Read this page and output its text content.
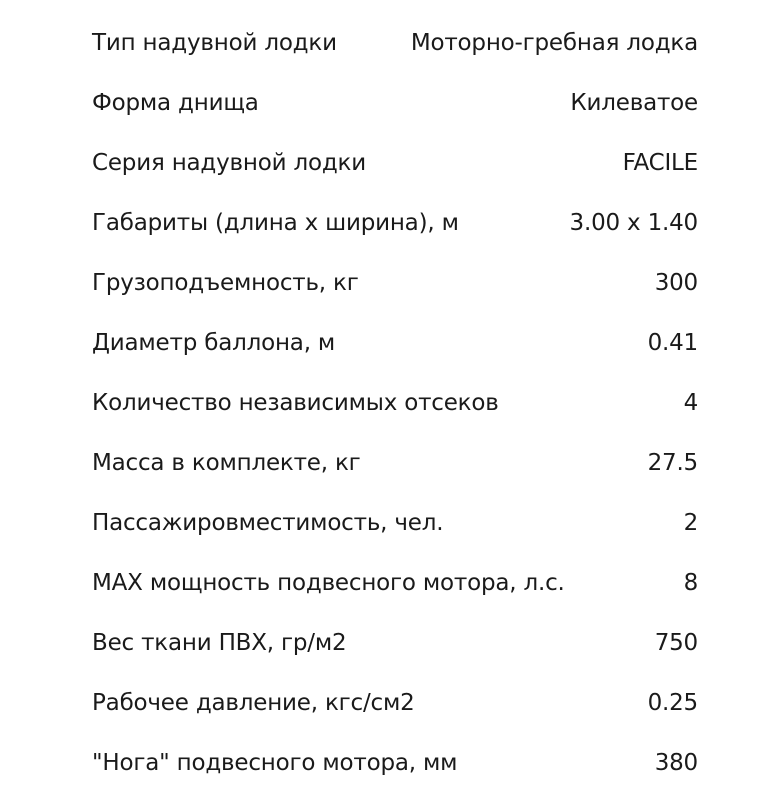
Тип надувной лодки	Моторно-гребная лодка
Форма днища	Килеватое
Серия надувной лодки	FACILE
Габариты (длина х ширина), м	3.00 х 1.40
Грузоподъемность, кг	300
Диаметр баллона, м	0.41
Количество независимых отсеков	4
Масса в комплекте, кг	27.5
Пассажировместимость, чел.	2
MAX мощность подвесного мотора, л.с.	8
Вес ткани ПВХ, гр/м2	750
Рабочее давление, кгс/см2	0.25
"Нога" подвесного мотора, мм	380
